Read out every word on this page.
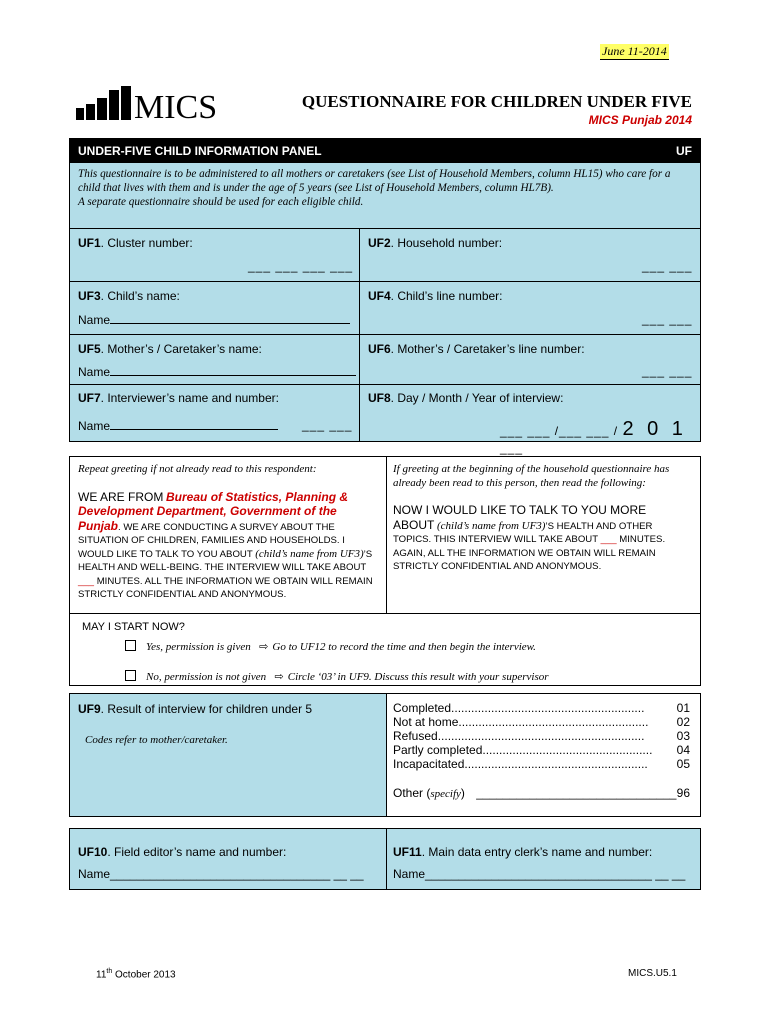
June 11-2014
MICS	QUESTIONNAIRE FOR CHILDREN UNDER FIVE
MICS Punjab 2014
UNDER-FIVE CHILD INFORMATION PANEL	UF
This questionnaire is to be administered to all mothers or caretakers (see List of Household Members, column HL15) who care for a child that lives with them and is under the age of 5 years (see List of Household Members, column HL7B).
A separate questionnaire should be used for each eligible child.
UF1. Cluster number:
___ ___ ___ ___
UF2. Household number:
___ ___
UF3. Child’s name:
Name
UF4. Child’s line number:
___ ___
UF5. Mother’s / Caretaker’s name:
Name
UF6. Mother’s / Caretaker’s line number:
___ ___
UF7. Interviewer’s name and number:
Name	___ ___
UF8. Day / Month / Year of interview:
___ ___ /___ ___ / 2 0 1 ___
Repeat greeting if not already read to this respondent:
WE ARE FROM Bureau of Statistics, Planning & Development Department, Government of the Punjab. WE ARE CONDUCTING A SURVEY ABOUT THE SITUATION OF CHILDREN, FAMILIES AND HOUSEHOLDS. I WOULD LIKE TO TALK TO YOU ABOUT (child’s name from UF3)’S HEALTH AND WELL-BEING. THE INTERVIEW WILL TAKE ABOUT ___ MINUTES. ALL THE INFORMATION WE OBTAIN WILL REMAIN STRICTLY CONFIDENTIAL AND ANONYMOUS.
If greeting at the beginning of the household questionnaire has already been read to this person, then read the following:
NOW I WOULD LIKE TO TALK TO YOU MORE ABOUT (child’s name from UF3)’S HEALTH AND OTHER TOPICS. THIS INTERVIEW WILL TAKE ABOUT ___ MINUTES. AGAIN, ALL THE INFORMATION WE OBTAIN WILL REMAIN STRICTLY CONFIDENTIAL AND ANONYMOUS.
MAY I START NOW?
Yes, permission is given ⇨ Go to UF12 to record the time and then begin the interview.
No, permission is not given ⇨ Circle ‘03’ in UF9. Discuss this result with your supervisor
UF9. Result of interview for children under 5
Codes refer to mother/caretaker.
Completed..........................................................	01
Not at home.........................................................	02
Refused..............................................................	03
Partly completed...................................................	04
Incapacitated.......................................................	05
Other (specify) ______________________________ 96
UF10. Field editor’s name and number:
Name_________________________________ __ __
UF11. Main data entry clerk’s name and number:
Name__________________________________ __ __
11th October 2013	MICS.U5.1
